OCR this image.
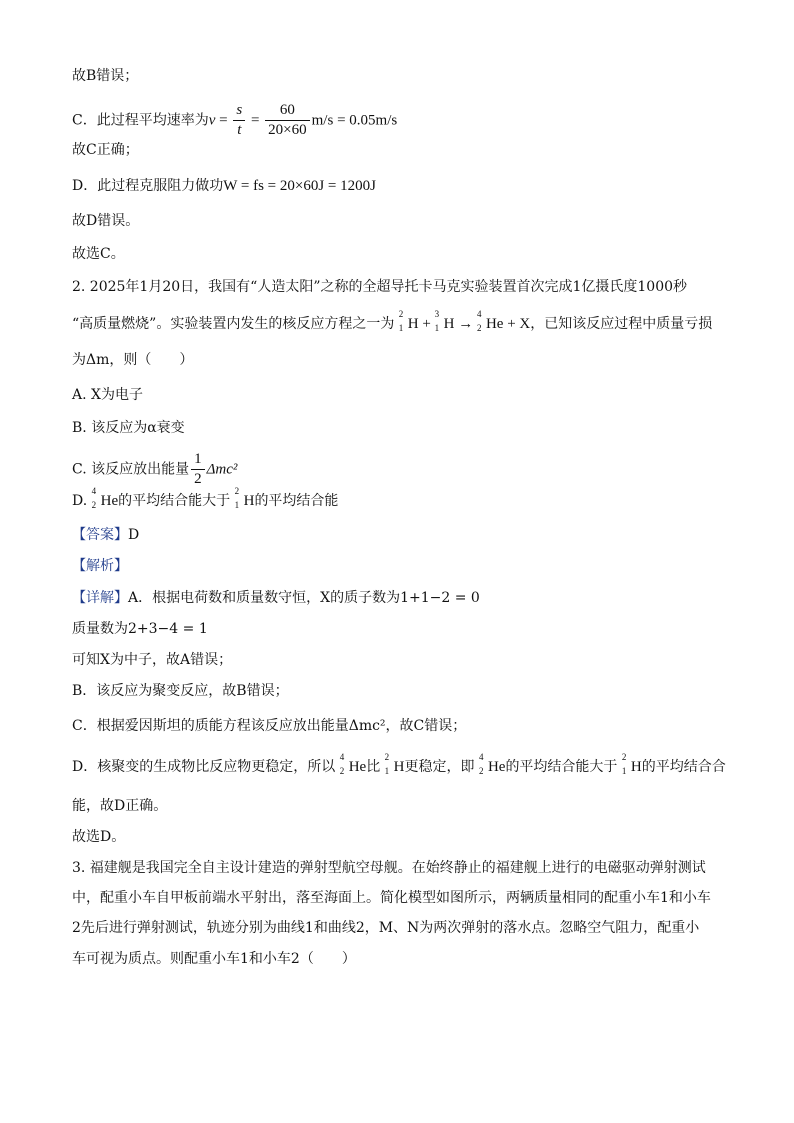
故B错误；
C．此过程平均速率为$v = \frac{s}{t} = \frac{60}{20\times 60} m/s = 0.05m/s$
故C正确；
D．此过程克服阻力做功W = fs = 20×60J = 1200J
故D错误。
故选C。
2. 2025年1月20日，我国有“人造太阳”之称的全超导托卡马克实验装置首次完成1亿摄氏度1000秒
“高质量燃烧”。实验装置内发生的核反应方程之一为
2
1 H +
3
1 H →
4
2 He + X，已知该反应过程中质量亏损
为Δm，则（　　）
A. X为电子
B. 该反应为α衰变
C. 该反应放出能量 $\frac{1}{2} \Delta mc^2$
D.
4
2 He的平均结合能大于
2
1 H的平均结合能
【答案】D
【解析】
【详解】A．根据电荷数和质量数守恒，X的质子数为1+1−2 = 0
质量数为2+3−4 = 1
可知X为中子，故A错误；
B．该反应为聚变反应，故B错误；
C．根据爱因斯坦的质能方程该反应放出能量Δmc²，故C错误；
D．核聚变的生成物比反应物更稳定，所以
4
2 He比
2
1 H更稳定，即
4
2 He的平均结合能大于
2
1 H的平均结合合
能，故D正确。
故选D。
3. 福建舰是我国完全自主设计建造的弹射型航空母舰。在始终静止的福建舰上进行的电磁驱动弹射测试
中，配重小车自甲板前端水平射出，落至海面上。简化模型如图所示，两辆质量相同的配重小车1和小车
2先后进行弹射测试，轨迹分别为曲线1和曲线2，M、N为两次弹射的落水点。忽略空气阻力，配重小
车可视为质点。则配重小车1和小车2（　　）
